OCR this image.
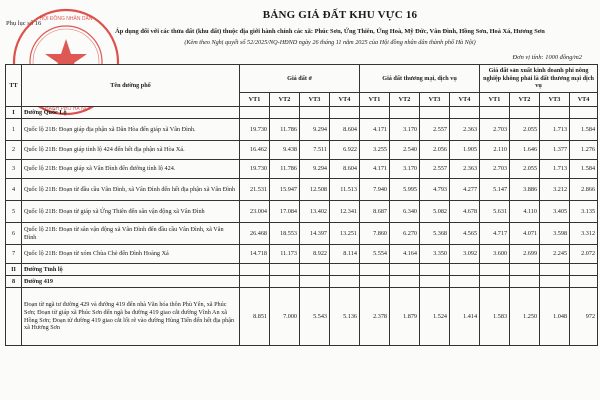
Phụ lục số 16
HỘI ĐỒNG NHÂN DÂN
THÀNH PHỐ HÀ NỘI
BẢNG GIÁ ĐẤT KHU VỰC 16
Áp dụng đối với các thửa đất (khu đất) thuộc địa giới hành chính các xã: Phúc Sơn, Ứng Thiên, Ứng Hoà, Mỹ Đức, Vân Đình, Hồng Sơn, Hoà Xá, Hương Sơn
(Kèm theo Nghị quyết số 52/2025/NQ-HĐND ngày 26 tháng 11 năm 2025 của Hội đồng nhân dân thành phố Hà Nội)
Đơn vị tính: 1000 đồng/m2
TT	Tên đường phố	Giá đất ở				Giá đất thương mại, dịch vụ				Giá đất sản xuất kinh doanh phi nông nghiệp không phải là đất thương mại dịch vụ			
		VT1	VT2	VT3	VT4	VT1	VT2	VT3	VT4	VT1	VT2	VT3	VT4
I	Đường Quốc Lộ												
1	Quốc lộ 21B: Đoạn giáp địa phận xã Dân Hòa đến giáp xã Vân Đình.	19.730	11.786	9.294	8.604	4.171	3.170	2.557	2.363	2.703	2.055	1.713	1.584
2	Quốc lộ 21B: Đoạn giáp tỉnh lộ 424 đến hết địa phận xã Hòa Xá.	16.462	9.438	7.511	6.922	3.255	2.540	2.056	1.905	2.110	1.646	1.377	1.276
3	Quốc lộ 21B: Đoạn giáp xã Vân Đình đến đường tỉnh lộ 424.	19.730	11.786	9.294	8.604	4.171	3.170	2.557	2.363	2.703	2.055	1.713	1.584
4	Quốc lộ 21B: Đoạn từ đầu cầu Vân Đình, xã Vân Đình đến hết địa phận xã Vân Đình	21.531	15.947	12.508	11.513	7.940	5.995	4.793	4.277	5.147	3.886	3.212	2.866
5	Quốc lộ 21B: Đoạn từ giáp xã Ứng Thiên đến sân vận động xã Vân Đình	23.004	17.084	13.402	12.341	8.687	6.340	5.082	4.678	5.631	4.110	3.405	3.135
6	Quốc lộ 21B: Đoạn từ sân vận động xã Vân Đình đến đầu cầu Vân Đình, xã Vân Đình	26.468	18.553	14.397	13.251	7.860	6.270	5.368	4.565	4.717	4.071	3.598	3.312
7	Quốc lộ 21B: Đoạn từ xóm Chùa Chè đến Đình Hoàng Xá	14.718	11.173	8.922	8.114	5.554	4.164	3.350	3.092	3.600	2.699	2.245	2.072
II	Đường Tỉnh lộ												
8	Đường 419												
	Đoạn từ ngã tư đường 429 và đường 419 đến nhà Văn hóa thôn Phù Yên, xã Phúc Sơn; Đoạn từ giáp xã Phúc Sơn đến ngã ba đường 419 giao cắt đường Vĩnh An xã Hồng Sơn; Đoạn từ đường 419 giao cắt lối rẽ vào đường Hùng Tiến đến hết địa phận xã Hương Sơn	8.851	7.000	5.543	5.136	2.378	1.879	1.524	1.414	1.583	1.250	1.048	972
